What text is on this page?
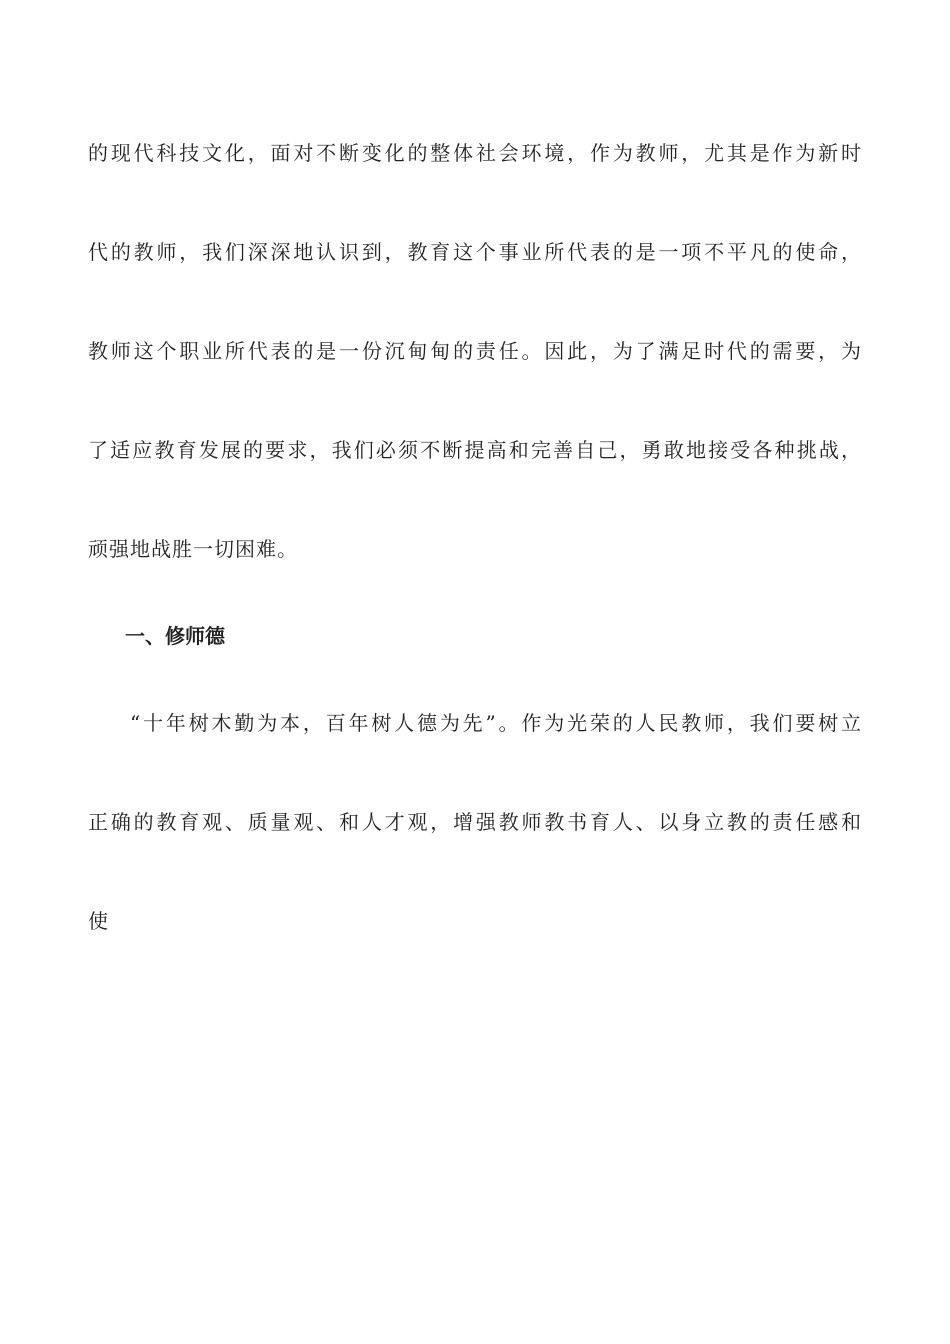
的现代科技文化，面对不断变化的整体社会环境，作为教师，尤其是作为新时
代的教师，我们深深地认识到，教育这个事业所代表的是一项不平凡的使命，
教师这个职业所代表的是一份沉甸甸的责任。因此，为了满足时代的需要，为
了适应教育发展的要求，我们必须不断提高和完善自己，勇敢地接受各种挑战，
顽强地战胜一切困难。
一、修师德
“十年树木勤为本，百年树人德为先”。作为光荣的人民教师，我们要树立
正确的教育观、质量观、和人才观，增强教师教书育人、以身立教的责任感和
使
